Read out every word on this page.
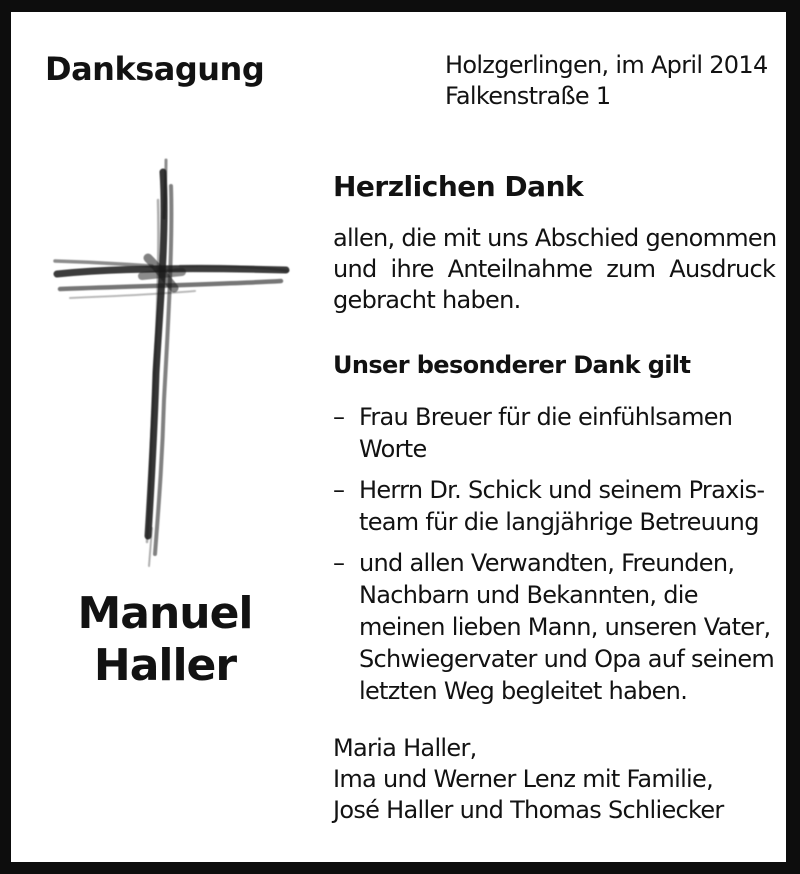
Danksagung	Holzgerlingen, im April 2014
Falkenstraße 1
Manuel
Haller
Herzlichen Dank
allen, die mit uns Abschied genommen
und ihre Anteilnahme zum Ausdruck
gebracht haben.
Unser besonderer Dank gilt
– Frau Breuer für die einfühlsamen
Worte
– Herrn Dr. Schick und seinem Praxis-
team für die langjährige Betreuung
– und allen Verwandten, Freunden,
Nachbarn und Bekannten, die
meinen lieben Mann, unseren Vater,
Schwiegervater und Opa auf seinem
letzten Weg begleitet haben.
Maria Haller,
Ima und Werner Lenz mit Familie,
José Haller und Thomas Schliecker
